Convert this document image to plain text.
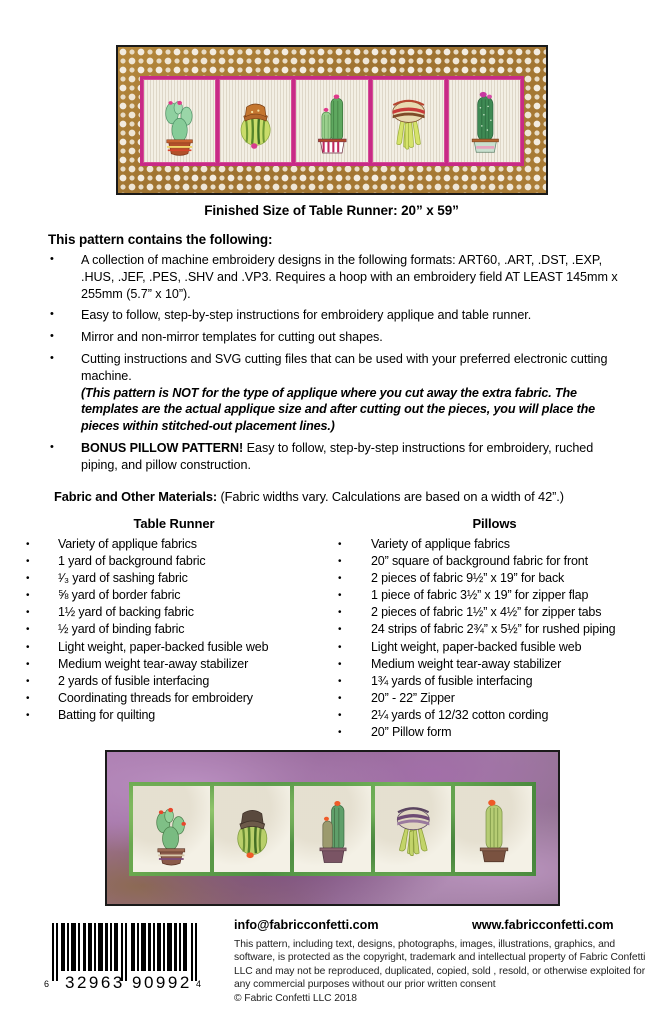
Finished Size of Table Runner: 20” x 59”
This pattern contains the following:
• A collection of machine embroidery designs in the following formats: ART60, .ART, .DST, .EXP, .HUS, .JEF, .PES, .SHV and .VP3. Requires a hoop with an embroidery field AT LEAST 145mm x 255mm (5.7” x 10”).
• Easy to follow, step-by-step instructions for embroidery applique and table runner.
• Mirror and non-mirror templates for cutting out shapes.
• Cutting instructions and SVG cutting files that can be used with your preferred electronic cutting machine.
(This pattern is NOT for the type of applique where you cut away the extra fabric. The templates are the actual applique size and after cutting out the pieces, you will place the pieces within stitched-out placement lines.)
• BONUS PILLOW PATTERN! Easy to follow, step-by-step instructions for embroidery, ruched piping, and pillow construction.
Fabric and Other Materials: (Fabric widths vary. Calculations are based on a width of 42”.)
Table Runner
• Variety of applique fabrics
• 1 yard of background fabric
• ¹⁄₃ yard of sashing fabric
• ⅝ yard of border fabric
• 1½ yard of backing fabric
• ½ yard of binding fabric
• Light weight, paper-backed fusible web
• Medium weight tear-away stabilizer
• 2 yards of fusible interfacing
• Coordinating threads for embroidery
• Batting for quilting
Pillows
• Variety of applique fabrics
• 20” square of background fabric for front
• 2 pieces of fabric 9½” x 19” for back
• 1 piece of fabric 3½” x 19” for zipper flap
• 2 pieces of fabric 1½” x 4½” for zipper tabs
• 24 strips of fabric 2¾” x 5½” for rushed piping
• Light weight, paper-backed fusible web
• Medium weight tear-away stabilizer
• 1¾ yards of fusible interfacing
• 20” - 22” Zipper
• 2¼ yards of 12/32 cotton cording
• 20” Pillow form
6 32963 90992 4
info@fabricconfetti.com	www.fabricconfetti.com

This pattern, including text, designs, photographs, images, illustrations, graphics, and

software, is protected as the copyright, trademark and intellectual property of Fabric Confetti

LLC and may not be reproduced, duplicated, copied, sold , resold, or otherwise exploited for

any commercial purposes without our prior written consent

© Fabric Confetti LLC 2018
